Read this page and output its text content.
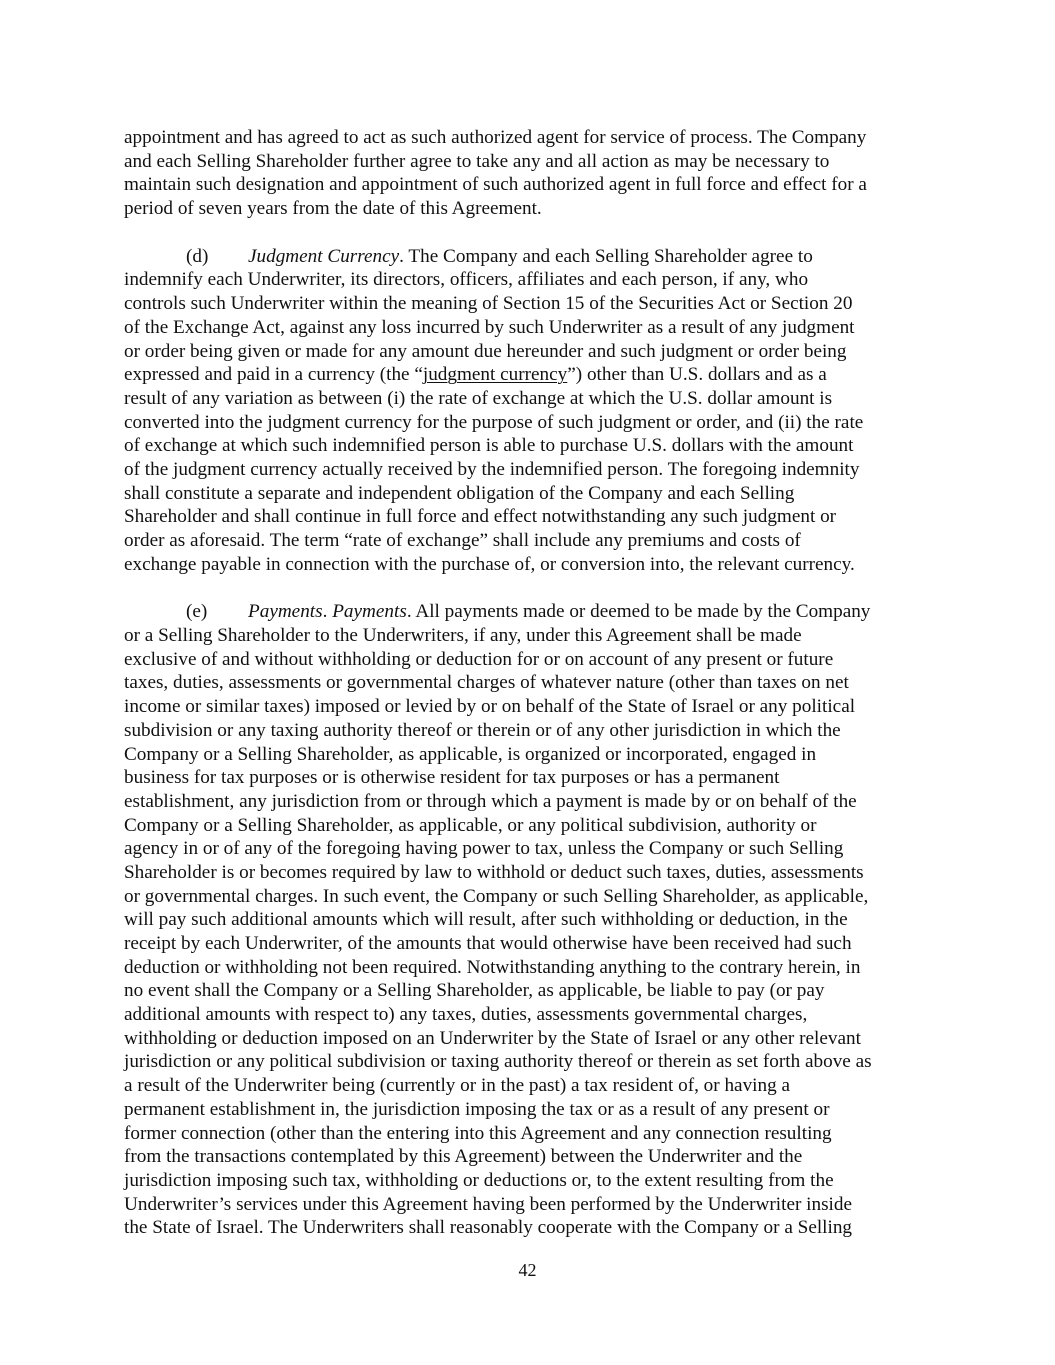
appointment and has agreed to act as such authorized agent for service of process. The Company
and each Selling Shareholder further agree to take any and all action as may be necessary to
maintain such designation and appointment of such authorized agent in full force and effect for a
period of seven years from the date of this Agreement.
(d) Judgment Currency. The Company and each Selling Shareholder agree to
indemnify each Underwriter, its directors, officers, affiliates and each person, if any, who
controls such Underwriter within the meaning of Section 15 of the Securities Act or Section 20
of the Exchange Act, against any loss incurred by such Underwriter as a result of any judgment
or order being given or made for any amount due hereunder and such judgment or order being
expressed and paid in a currency (the “judgment currency”) other than U.S. dollars and as a
result of any variation as between (i) the rate of exchange at which the U.S. dollar amount is
converted into the judgment currency for the purpose of such judgment or order, and (ii) the rate
of exchange at which such indemnified person is able to purchase U.S. dollars with the amount
of the judgment currency actually received by the indemnified person. The foregoing indemnity
shall constitute a separate and independent obligation of the Company and each Selling
Shareholder and shall continue in full force and effect notwithstanding any such judgment or
order as aforesaid. The term “rate of exchange” shall include any premiums and costs of
exchange payable in connection with the purchase of, or conversion into, the relevant currency.
(e) Payments. Payments. All payments made or deemed to be made by the Company
or a Selling Shareholder to the Underwriters, if any, under this Agreement shall be made
exclusive of and without withholding or deduction for or on account of any present or future
taxes, duties, assessments or governmental charges of whatever nature (other than taxes on net
income or similar taxes) imposed or levied by or on behalf of the State of Israel or any political
subdivision or any taxing authority thereof or therein or of any other jurisdiction in which the
Company or a Selling Shareholder, as applicable, is organized or incorporated, engaged in
business for tax purposes or is otherwise resident for tax purposes or has a permanent
establishment, any jurisdiction from or through which a payment is made by or on behalf of the
Company or a Selling Shareholder, as applicable, or any political subdivision, authority or
agency in or of any of the foregoing having power to tax, unless the Company or such Selling
Shareholder is or becomes required by law to withhold or deduct such taxes, duties, assessments
or governmental charges. In such event, the Company or such Selling Shareholder, as applicable,
will pay such additional amounts which will result, after such withholding or deduction, in the
receipt by each Underwriter, of the amounts that would otherwise have been received had such
deduction or withholding not been required. Notwithstanding anything to the contrary herein, in
no event shall the Company or a Selling Shareholder, as applicable, be liable to pay (or pay
additional amounts with respect to) any taxes, duties, assessments governmental charges,
withholding or deduction imposed on an Underwriter by the State of Israel or any other relevant
jurisdiction or any political subdivision or taxing authority thereof or therein as set forth above as
a result of the Underwriter being (currently or in the past) a tax resident of, or having a
permanent establishment in, the jurisdiction imposing the tax or as a result of any present or
former connection (other than the entering into this Agreement and any connection resulting
from the transactions contemplated by this Agreement) between the Underwriter and the
jurisdiction imposing such tax, withholding or deductions or, to the extent resulting from the
Underwriter’s services under this Agreement having been performed by the Underwriter inside
the State of Israel. The Underwriters shall reasonably cooperate with the Company or a Selling
42
